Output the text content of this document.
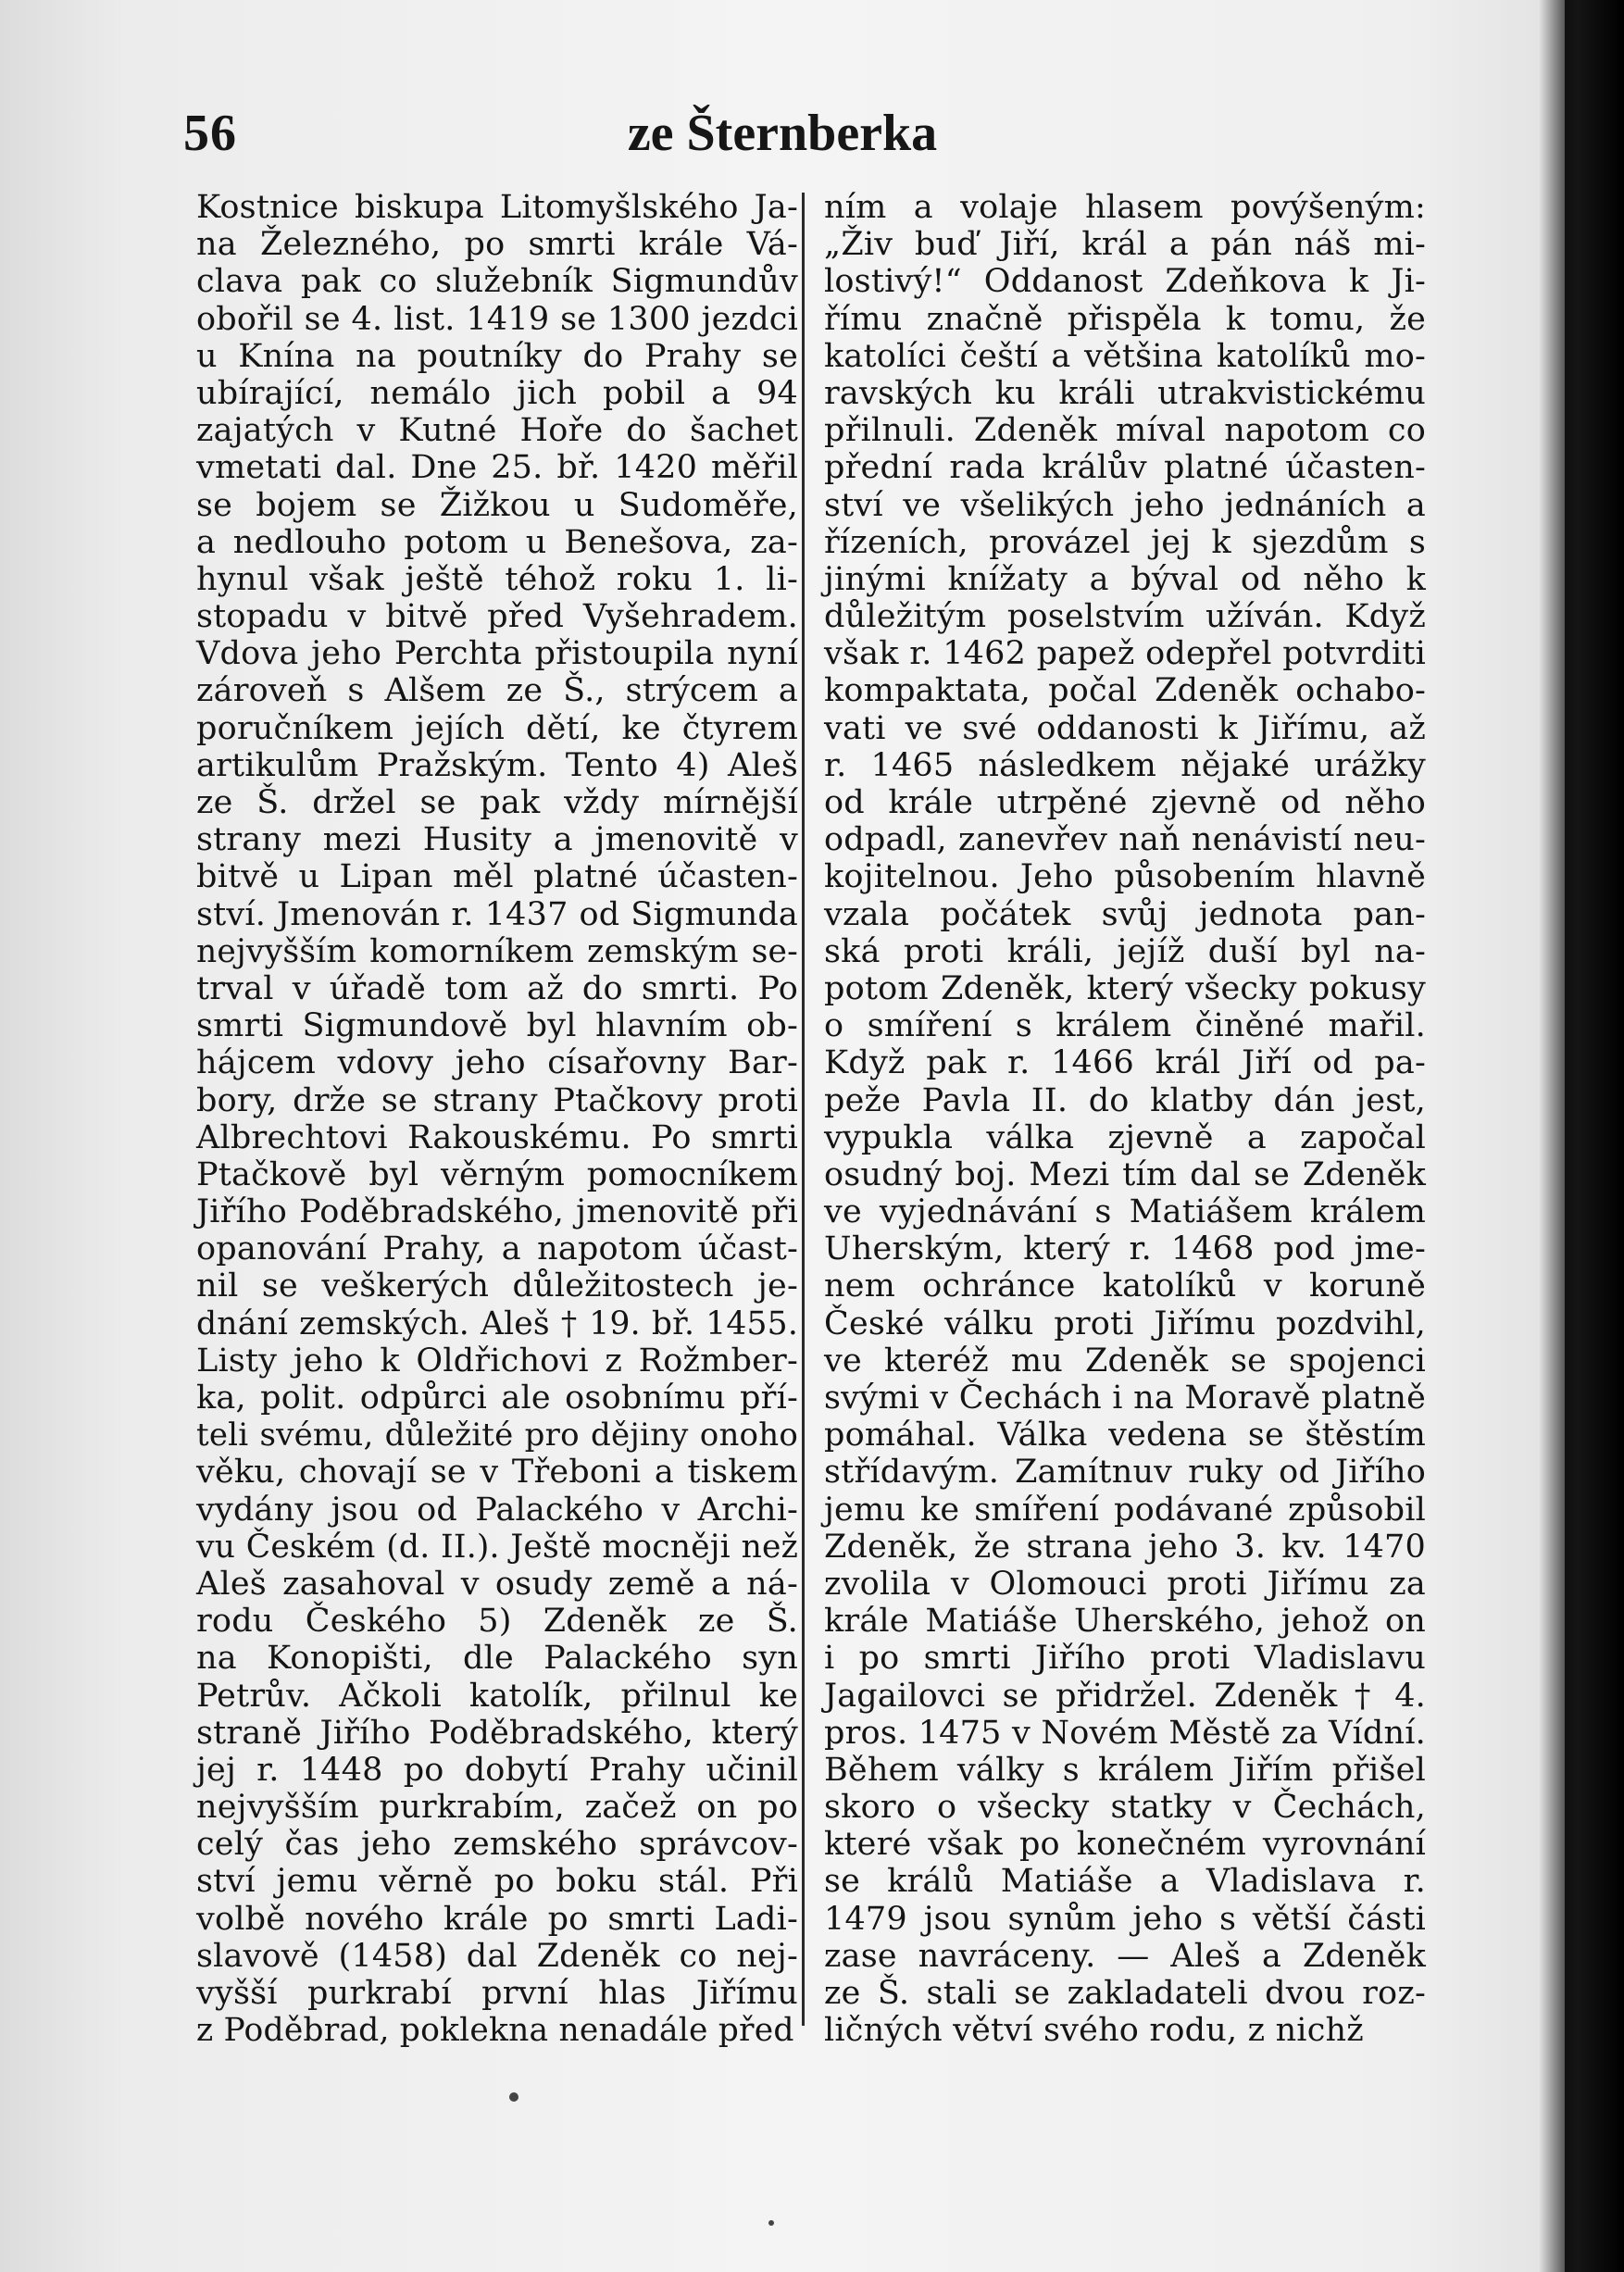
56	ze Šternberka
Kostnice biskupa Litomyšlského Ja-
na Železného, po smrti krále Vá-
clava pak co služebník Sigmundův
obořil se 4. list. 1419 se 1300 jezdci
u Knína na poutníky do Prahy se
ubírající, nemálo jich pobil a 94
zajatých v Kutné Hoře do šachet
vmetati dal. Dne 25. bř. 1420 měřil
se bojem se Žižkou u Sudoměře,
a nedlouho potom u Benešova, za-
hynul však ještě téhož roku 1. li-
stopadu v bitvě před Vyšehradem.
Vdova jeho Perchta přistoupila nyní
zároveň s Alšem ze Š., strýcem a
poručníkem jejích dětí, ke čtyrem
artikulům Pražským. Tento 4) Aleš
ze Š. držel se pak vždy mírnější
strany mezi Husity a jmenovitě v
bitvě u Lipan měl platné účasten-
ství. Jmenován r. 1437 od Sigmunda
nejvyšším komorníkem zemským se-
trval v úřadě tom až do smrti. Po
smrti Sigmundově byl hlavním ob-
hájcem vdovy jeho císařovny Bar-
bory, drže se strany Ptačkovy proti
Albrechtovi Rakouskému. Po smrti
Ptačkově byl věrným pomocníkem
Jiřího Poděbradského, jmenovitě při
opanování Prahy, a napotom účast-
nil se veškerých důležitostech je-
dnání zemských. Aleš † 19. bř. 1455.
Listy jeho k Oldřichovi z Rožmber-
ka, polit. odpůrci ale osobnímu pří-
teli svému, důležité pro dějiny onoho
věku, chovají se v Třeboni a tiskem
vydány jsou od Palackého v Archi-
vu Českém (d. II.). Ještě mocněji než
Aleš zasahoval v osudy země a ná-
rodu Českého 5) Zdeněk ze Š.
na Konopišti, dle Palackého syn
Petrův. Ačkoli katolík, přilnul ke
straně Jiřího Poděbradského, který
jej r. 1448 po dobytí Prahy učinil
nejvyšším purkrabím, začež on po
celý čas jeho zemského správcov-
ství jemu věrně po boku stál. Při
volbě nového krále po smrti Ladi-
slavově (1458) dal Zdeněk co nej-
vyšší purkrabí první hlas Jiřímu
z Poděbrad, poklekna nenadále před
ním a volaje hlasem povýšeným:
„Živ buď Jiří, král a pán náš mi-
lostivý!“ Oddanost Zdeňkova k Ji-
římu značně přispěla k tomu, že
katolíci čeští a většina katolíků mo-
ravských ku králi utrakvistickému
přilnuli. Zdeněk míval napotom co
přední rada králův platné účasten-
ství ve všelikých jeho jednáních a
řízeních, provázel jej k sjezdům s
jinými knížaty a býval od něho k
důležitým poselstvím užíván. Když
však r. 1462 papež odepřel potvrditi
kompaktata, počal Zdeněk ochabo-
vati ve své oddanosti k Jiřímu, až
r. 1465 následkem nějaké urážky
od krále utrpěné zjevně od něho
odpadl, zanevřev naň nenávistí neu-
kojitelnou. Jeho působením hlavně
vzala počátek svůj jednota pan-
ská proti králi, jejíž duší byl na-
potom Zdeněk, který všecky pokusy
o smíření s králem činěné mařil.
Když pak r. 1466 král Jiří od pa-
peže Pavla II. do klatby dán jest,
vypukla válka zjevně a započal
osudný boj. Mezi tím dal se Zdeněk
ve vyjednávání s Matiášem králem
Uherským, který r. 1468 pod jme-
nem ochránce katolíků v koruně
České válku proti Jiřímu pozdvihl,
ve kteréž mu Zdeněk se spojenci
svými v Čechách i na Moravě platně
pomáhal. Válka vedena se štěstím
střídavým. Zamítnuv ruky od Jiřího
jemu ke smíření podávané způsobil
Zdeněk, že strana jeho 3. kv. 1470
zvolila v Olomouci proti Jiřímu za
krále Matiáše Uherského, jehož on
i po smrti Jiřího proti Vladislavu
Jagailovci se přidržel. Zdeněk † 4.
pros. 1475 v Novém Městě za Vídní.
Během války s králem Jiřím přišel
skoro o všecky statky v Čechách,
které však po konečném vyrovnání
se králů Matiáše a Vladislava r.
1479 jsou synům jeho s větší části
zase navráceny. — Aleš a Zdeněk
ze Š. stali se zakladateli dvou roz-
ličných větví svého rodu, z nichž
